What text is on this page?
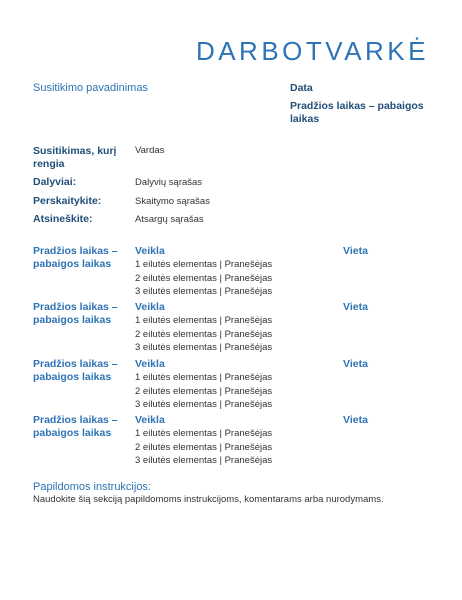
DARBOTVARKĖ
Susitikimo pavadinimas	Data
Pradžios laikas – pabaigos laikas
Susitikimas, kurį rengia
Vardas
Dalyviai:	Dalyvių sąrašas
Perskaitykite:	Skaitymo sąrašas
Atsineškite:	Atsargų sąrašas
Pradžios laikas – pabaigos laikas
Veikla	Vieta
1 eilutės elementas | Pranešėjas
2 eilutės elementas | Pranešėjas
3 eilutės elementas | Pranešėjas
Pradžios laikas – pabaigos laikas
Veikla	Vieta
1 eilutės elementas | Pranešėjas
2 eilutės elementas | Pranešėjas
3 eilutės elementas | Pranešėjas
Pradžios laikas – pabaigos laikas
Veikla	Vieta
1 eilutės elementas | Pranešėjas
2 eilutės elementas | Pranešėjas
3 eilutės elementas | Pranešėjas
Pradžios laikas – pabaigos laikas
Veikla	Vieta
1 eilutės elementas | Pranešėjas
2 eilutės elementas | Pranešėjas
3 eilutės elementas | Pranešėjas
Papildomos instrukcijos:
Naudokite šią sekciją papildomoms instrukcijoms, komentarams arba nurodymams.
